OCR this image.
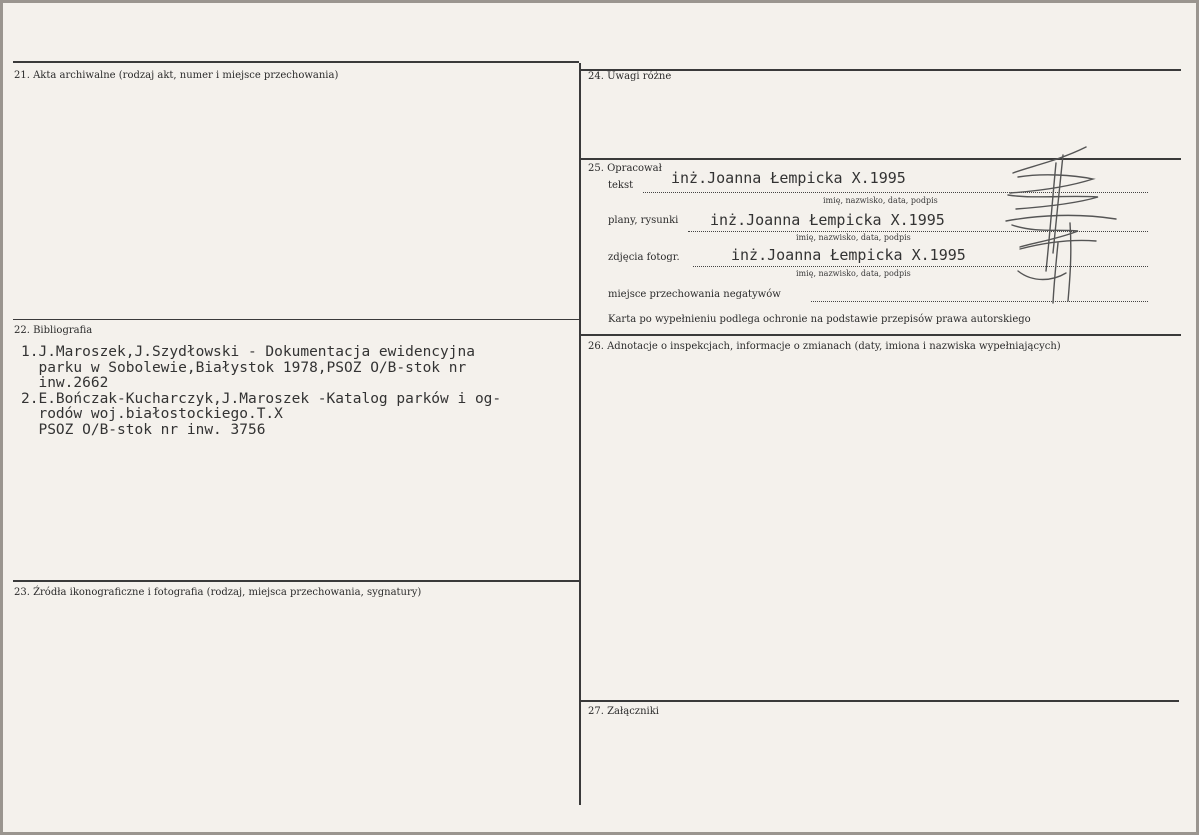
21. Akta archiwalne (rodzaj akt, numer i miejsce przechowania)
22. Bibliografia
23. Źródła ikonograficzne i fotografia (rodzaj, miejsca przechowania, sygnatury)
24. Uwagi różne
26. Adnotacje o inspekcjach, informacje o zmianach (daty, imiona i nazwiska wypełniających)
27. Załączniki
25. Opracował
tekst	inż.Joanna Łempicka X.1995
imię, nazwisko, data, podpis
plany, rysunki inż.Joanna Łempicka X.1995
imię, nazwisko, data, podpis
zdjęcia fotogr.	inż.Joanna Łempicka X.1995
imię, nazwisko, data, podpis
miejsce przechowania negatywów
Karta po wypełnieniu podlega ochronie na podstawie przepisów prawa autorskiego
1.J.Maroszek,J.Szydłowski - Dokumentacja ewidencyjna
parku w Sobolewie,Białystok 1978,PSOZ O/B-stok nr
inw.2662
2.E.Bończak-Kucharczyk,J.Maroszek -Katalog parków i og-
rodów woj.białostockiego.T.X
PSOZ O/B-stok nr inw. 3756
